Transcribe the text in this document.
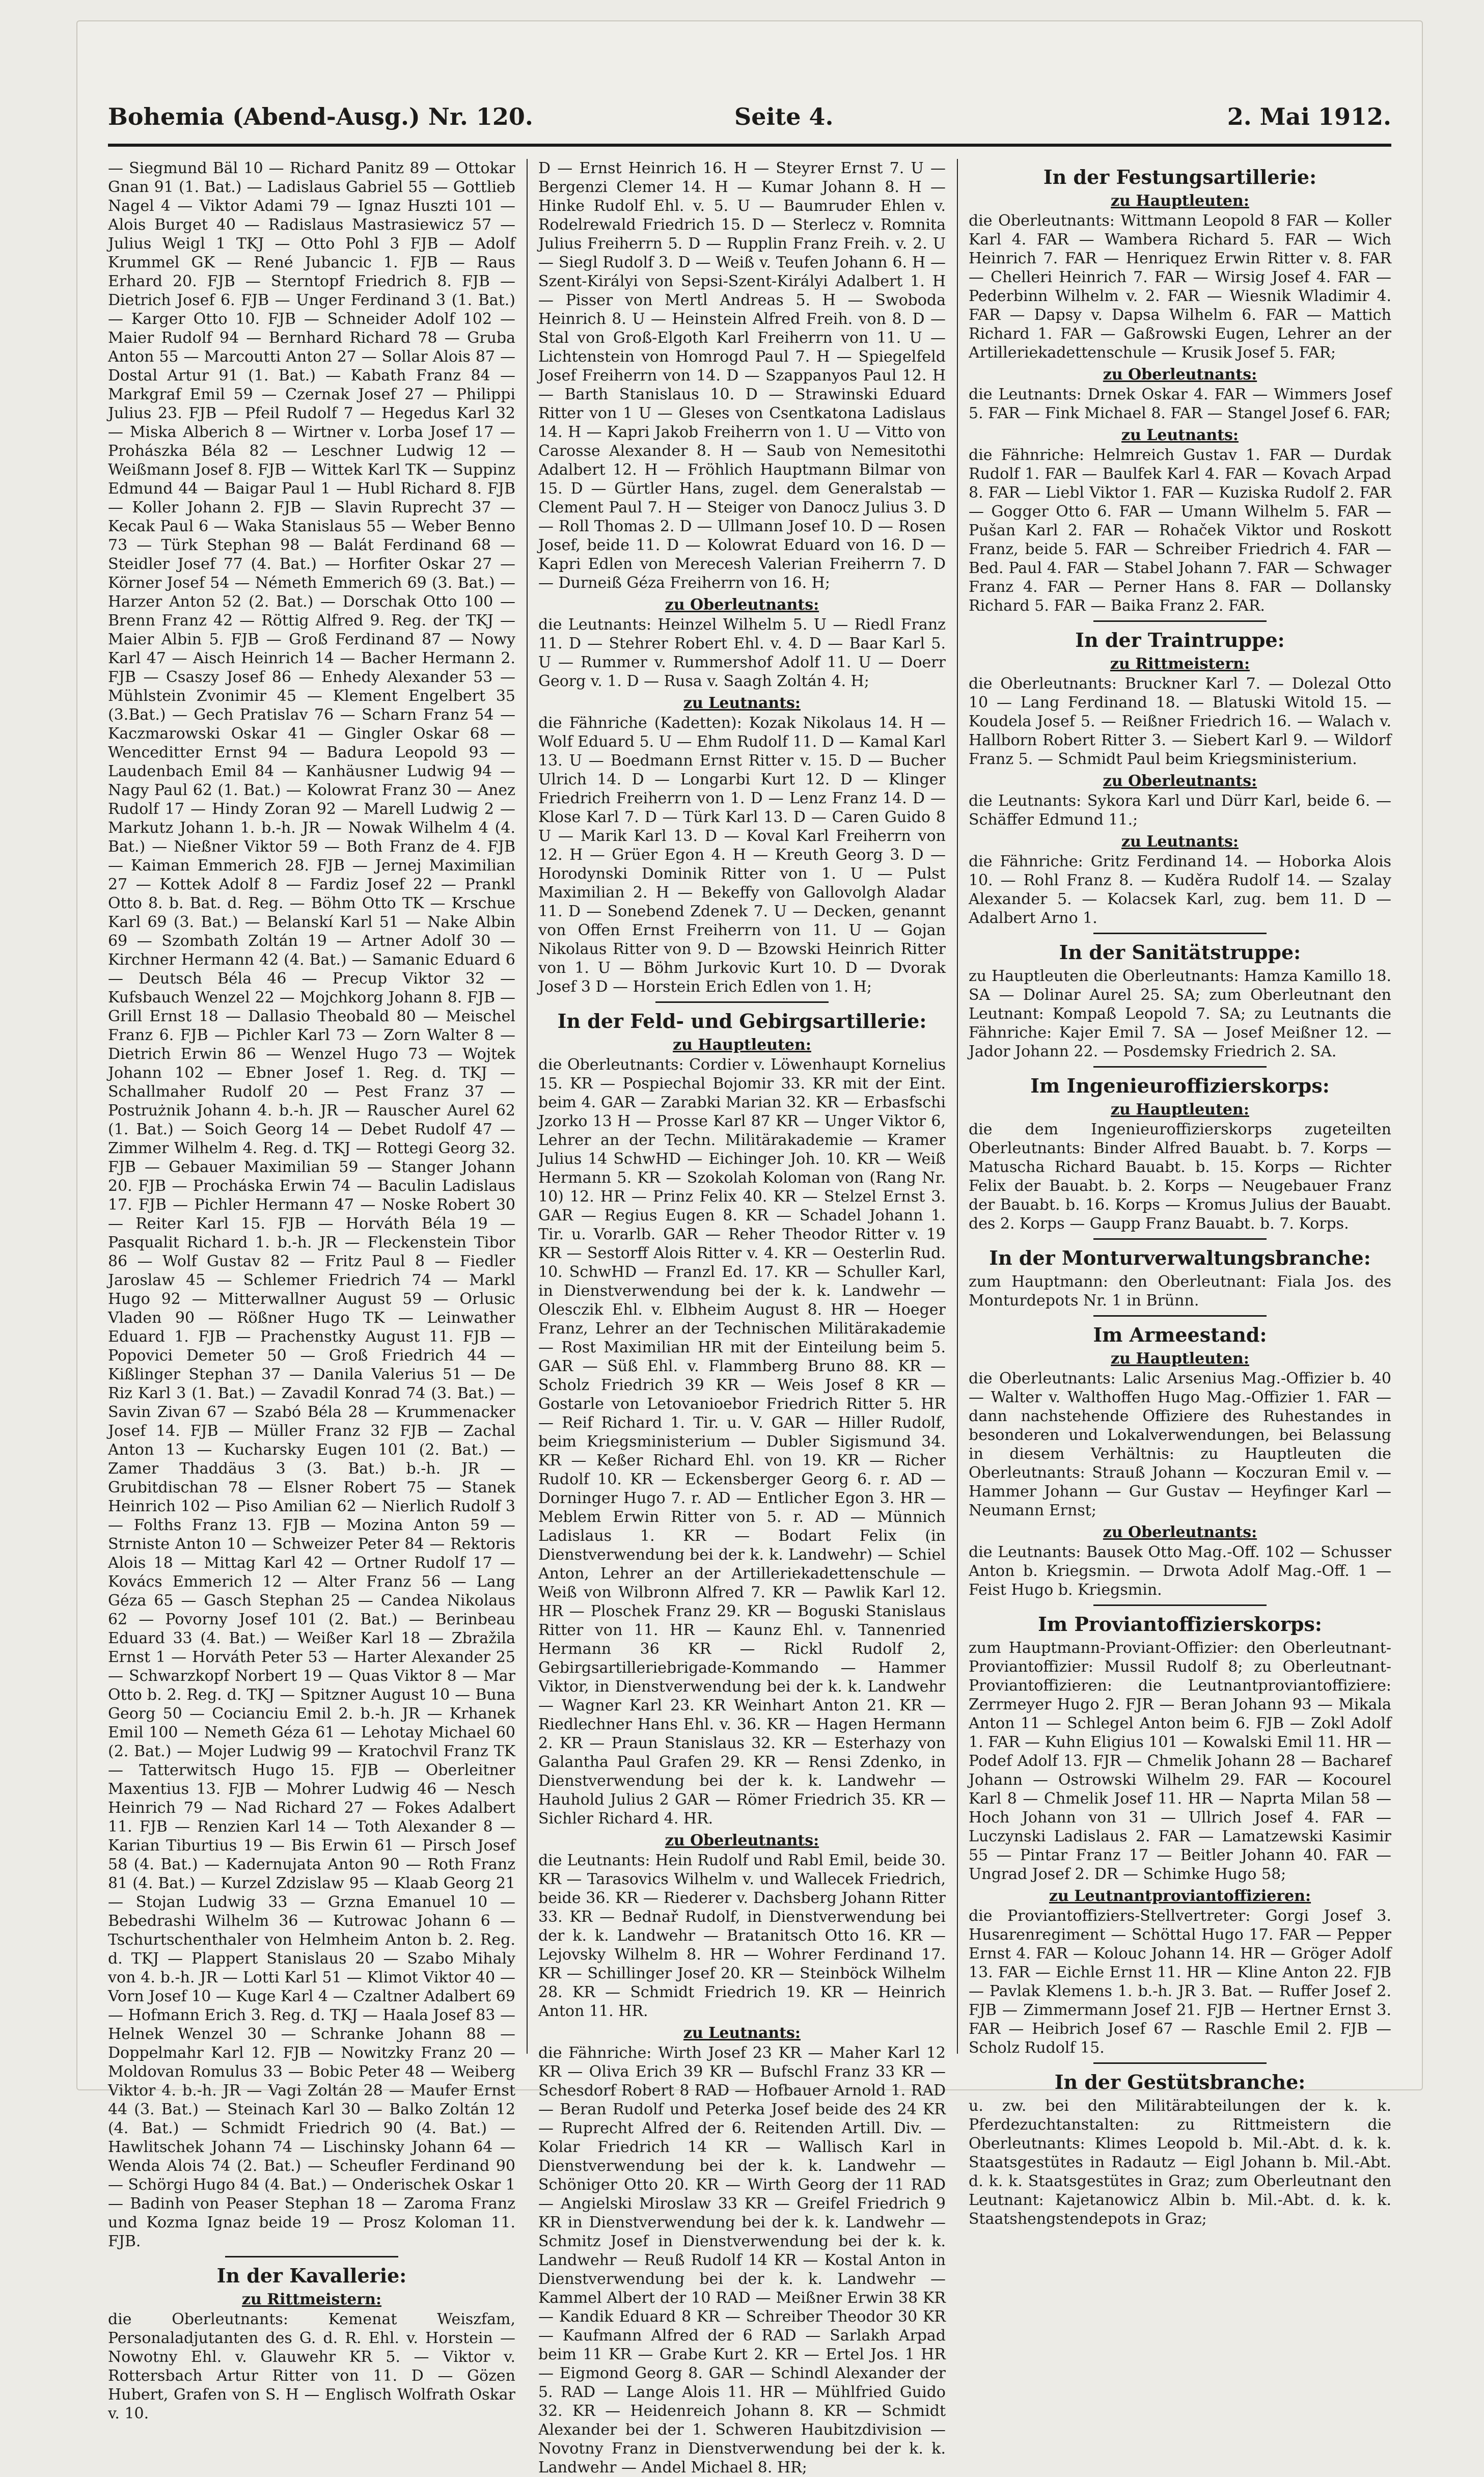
Bohemia (Abend-Ausg.) Nr. 120.	Seite 4.	2. Mai 1912.

— Siegmund Bäl 10 — Richard Panitz 89 — Ottokar Gnan 91 (1. Bat.) — Ladislaus Gabriel 55 — Gottlieb Nagel 4 — Viktor Adami 79 — Ignaz Huszti 101 — Alois Burget 40 — Radislaus Mastrasiewicz 57 — Julius Weigl 1 TKJ — Otto Pohl 3 FJB — Adolf Krummel GK — René Jubancic 1. FJB — Raus Erhard 20. FJB — Sterntopf Friedrich 8. FJB — Dietrich Josef 6. FJB — Unger Ferdinand 3 (1. Bat.) — Karger Otto 10. FJB — Schneider Adolf 102 — Maier Rudolf 94 — Bernhard Richard 78 — Gruba Anton 55 — Marcoutti Anton 27 — Sollar Alois 87 — Dostal Artur 91 (1. Bat.) — Kabath Franz 84 — Markgraf Emil 59 — Czernak Josef 27 — Philippi Julius 23. FJB — Pfeil Rudolf 7 — Hegedus Karl 32 — Miska Alberich 8 — Wirtner v. Lorba Josef 17 — Prohászka Béla 82 — Leschner Ludwig 12 — Weißmann Josef 8. FJB — Wittek Karl TK — Suppinz Edmund 44 — Baigar Paul 1 — Hubl Richard 8. FJB — Koller Johann 2. FJB — Slavin Ruprecht 37 — Kecak Paul 6 — Waka Stanislaus 55 — Weber Benno 73 — Türk Stephan 98 — Balát Ferdinand 68 — Steidler Josef 77 (4. Bat.) — Horfiter Oskar 27 — Körner Josef 54 — Németh Emmerich 69 (3. Bat.) — Harzer Anton 52 (2. Bat.) — Dorschak Otto 100 — Brenn Franz 42 — Röttig Alfred 9. Reg. der TKJ — Maier Albin 5. FJB — Groß Ferdinand 87 — Nowy Karl 47 — Aisch Heinrich 14 — Bacher Hermann 2. FJB — Csaszy Josef 86 — Enhedy Alexander 53 — Mühlstein Zvonimir 45 — Klement Engelbert 35 (3.Bat.) — Gech Pratislav 76 — Scharn Franz 54 — Kaczmarowski Oskar 41 — Gingler Oskar 68 — Wenceditter Ernst 94 — Badura Leopold 93 — Laudenbach Emil 84 — Kanhäusner Ludwig 94 — Nagy Paul 62 (1. Bat.) — Kolowrat Franz 30 — Anez Rudolf 17 — Hindy Zoran 92 — Marell Ludwig 2 — Markutz Johann 1. b.-h. JR — Nowak Wilhelm 4 (4. Bat.) — Nießner Viktor 59 — Both Franz de 4. FJB — Kaiman Emmerich 28. FJB — Jernej Maximilian 27 — Kottek Adolf 8 — Fardiz Josef 22 — Prankl Otto 8. b. Bat. d. Reg. — Böhm Otto TK — Krschue Karl 69 (3. Bat.) — Belanskí Karl 51 — Nake Albin 69 — Szombath Zoltán 19 — Artner Adolf 30 — Kirchner Hermann 42 (4. Bat.) — Samanic Eduard 6 — Deutsch Béla 46 — Precup Viktor 32 — Kufsbauch Wenzel 22 — Mojchkorg Johann 8. FJB — Grill Ernst 18 — Dallasio Theobald 80 — Meischel Franz 6. FJB — Pichler Karl 73 — Zorn Walter 8 — Dietrich Erwin 86 — Wenzel Hugo 73 — Wojtek Johann 102 — Ebner Josef 1. Reg. d. TKJ — Schallmaher Rudolf 20 — Pest Franz 37 — Postrużnik Johann 4. b.-h. JR — Rauscher Aurel 62 (1. Bat.) — Soich Georg 14 — Debet Rudolf 47 — Zimmer Wilhelm 4. Reg. d. TKJ — Rottegi Georg 32. FJB — Gebauer Maximilian 59 — Stanger Johann 20. FJB — Procháska Erwin 74 — Baculin Ladislaus 17. FJB — Pichler Hermann 47 — Noske Robert 30 — Reiter Karl 15. FJB — Horváth Béla 19 — Pasqualit Richard 1. b.-h. JR — Fleckenstein Tibor 86 — Wolf Gustav 82 — Fritz Paul 8 — Fiedler Jaroslaw 45 — Schlemer Friedrich 74 — Markl Hugo 92 — Mitterwallner August 59 — Orlusic Vladen 90 — Rößner Hugo TK — Leinwather Eduard 1. FJB — Prachenstky August 11. FJB — Popovici Demeter 50 — Groß Friedrich 44 — Kißlinger Stephan 37 — Danila Valerius 51 — De Riz Karl 3 (1. Bat.) — Zavadil Konrad 74 (3. Bat.) — Savin Zivan 67 — Szabó Béla 28 — Krummenacker Josef 14. FJB — Müller Franz 32 FJB — Zachal Anton 13 — Kucharsky Eugen 101 (2. Bat.) — Zamer Thaddäus 3 (3. Bat.) b.-h. JR — Grubitdischan 78 — Elsner Robert 75 — Stanek Heinrich 102 — Piso Amilian 62 — Nierlich Rudolf 3 — Folths Franz 13. FJB — Mozina Anton 59 — Strniste Anton 10 — Schweizer Peter 84 — Rektoris Alois 18 — Mittag Karl 42 — Ortner Rudolf 17 — Kovács Emmerich 12 — Alter Franz 56 — Lang Géza 65 — Gasch Stephan 25 — Candea Nikolaus 62 — Povorny Josef 101 (2. Bat.) — Berinbeau Eduard 33 (4. Bat.) — Weißer Karl 18 — Zbražila Ernst 1 — Horváth Peter 53 — Harter Alexander 25 — Schwarzkopf Norbert 19 — Quas Viktor 8 — Mar Otto b. 2. Reg. d. TKJ — Spitzner August 10 — Buna Georg 50 — Cocianciu Emil 2. b.-h. JR — Krhanek Emil 100 — Nemeth Géza 61 — Lehotay Michael 60 (2. Bat.) — Mojer Ludwig 99 — Kratochvil Franz TK — Tatterwitsch Hugo 15. FJB — Oberleitner Maxentius 13. FJB — Mohrer Ludwig 46 — Nesch Heinrich 79 — Nad Richard 27 — Fokes Adalbert 11. FJB — Renzien Karl 14 — Toth Alexander 8 — Karian Tiburtius 19 — Bis Erwin 61 — Pirsch Josef 58 (4. Bat.) — Kadernujata Anton 90 — Roth Franz 81 (4. Bat.) — Kurzel Zdzislaw 95 — Klaab Georg 21 — Stojan Ludwig 33 — Grzna Emanuel 10 — Bebedrashi Wilhelm 36 — Kutrowac Johann 6 — Tschurtschenthaler von Helmheim Anton b. 2. Reg. d. TKJ — Plappert Stanislaus 20 — Szabo Mihaly von 4. b.-h. JR — Lotti Karl 51 — Klimot Viktor 40 — Vorn Josef 10 — Kuge Karl 4 — Czaltner Adalbert 69 — Hofmann Erich 3. Reg. d. TKJ — Haala Josef 83 — Helnek Wenzel 30 — Schranke Johann 88 — Doppelmahr Karl 12. FJB — Nowitzky Franz 20 — Moldovan Romulus 33 — Bobic Peter 48 — Weiberg Viktor 4. b.-h. JR — Vagi Zoltán 28 — Maufer Ernst 44 (3. Bat.) — Steinach Karl 30 — Balko Zoltán 12 (4. Bat.) — Schmidt Friedrich 90 (4. Bat.) — Hawlitschek Johann 74 — Lischinsky Johann 64 — Wenda Alois 74 (2. Bat.) — Scheufler Ferdinand 90 — Schörgi Hugo 84 (4. Bat.) — Onderischek Oskar 1 — Badinh von Peaser Stephan 18 — Zaroma Franz und Kozma Ignaz beide 19 — Prosz Koloman 11. FJB.

In der Kavallerie:
zu Rittmeistern:

die Oberleutnants: Kemenat Weiszfam, Personaladjutanten des G. d. R. Ehl. v. Horstein — Nowotny Ehl. v. Glauwehr KR 5. — Viktor v. Rottersbach Artur Ritter von 11. D — Gözen Hubert, Grafen von S. H — Englisch Wolfrath Oskar v. 10.

D — Ernst Heinrich 16. H — Steyrer Ernst 7. U — Bergenzi Clemer 14. H — Kumar Johann 8. H — Hinke Rudolf Ehl. v. 5. U — Baumruder Ehlen v. Rodelrewald Friedrich 15. D — Sterlecz v. Romnita Julius Freiherrn 5. D — Rupplin Franz Freih. v. 2. U — Siegl Rudolf 3. D — Weiß v. Teufen Johann 6. H — Szent-Királyi von Sepsi-Szent-Királyi Adalbert 1. H — Pisser von Mertl Andreas 5. H — Swoboda Heinrich 8. U — Heinstein Alfred Freih. von 8. D — Stal von Groß-Elgoth Karl Freiherrn von 11. U — Lichtenstein von Homrogd Paul 7. H — Spiegelfeld Josef Freiherrn von 14. D — Szappanyos Paul 12. H — Barth Stanislaus 10. D — Strawinski Eduard Ritter von 1 U — Gleses von Csentkatona Ladislaus 14. H — Kapri Jakob Freiherrn von 1. U — Vitto von Carosse Alexander 8. H — Saub von Nemesitothi Adalbert 12. H — Fröhlich Hauptmann Bilmar von 15. D — Gürtler Hans, zugel. dem Generalstab — Clement Paul 7. H — Steiger von Danocz Julius 3. D — Roll Thomas 2. D — Ullmann Josef 10. D — Rosen Josef, beide 11. D — Kolowrat Eduard von 16. D — Kapri Edlen von Merecesh Valerian Freiherrn 7. D — Durneiß Géza Freiherrn von 16. H;

zu Oberleutnants:

die Leutnants: Heinzel Wilhelm 5. U — Riedl Franz 11. D — Stehrer Robert Ehl. v. 4. D — Baar Karl 5. U — Rummer v. Rummershof Adolf 11. U — Doerr Georg v. 1. D — Rusa v. Saagh Zoltán 4. H;

zu Leutnants:

die Fähnriche (Kadetten): Kozak Nikolaus 14. H — Wolf Eduard 5. U — Ehm Rudolf 11. D — Kamal Karl 13. U — Boedmann Ernst Ritter v. 15. D — Bucher Ulrich 14. D — Longarbi Kurt 12. D — Klinger Friedrich Freiherrn von 1. D — Lenz Franz 14. D — Klose Karl 7. D — Türk Karl 13. D — Caren Guido 8 U — Marik Karl 13. D — Koval Karl Freiherrn von 12. H — Grüer Egon 4. H — Kreuth Georg 3. D — Horodynski Dominik Ritter von 1. U — Pulst Maximilian 2. H — Bekeffy von Gallovolgh Aladar 11. D — Sonebend Zdenek 7. U — Decken, genannt von Offen Ernst Freiherrn von 11. U — Gojan Nikolaus Ritter von 9. D — Bzowski Heinrich Ritter von 1. U — Böhm Jurkovic Kurt 10. D — Dvorak Josef 3 D — Horstein Erich Edlen von 1. H;

In der Feld- und Gebirgsartillerie:
zu Hauptleuten:

die Oberleutnants: Cordier v. Löwenhaupt Kornelius 15. KR — Pospiechal Bojomir 33. KR mit der Eint. beim 4. GAR — Zarabki Marian 32. KR — Erbasfschi Jzorko 13 H — Prosse Karl 87 KR — Unger Viktor 6, Lehrer an der Techn. Militärakademie — Kramer Julius 14 SchwHD — Eichinger Joh. 10. KR — Weiß Hermann 5. KR — Szokolah Koloman von (Rang Nr. 10) 12. HR — Prinz Felix 40. KR — Stelzel Ernst 3. GAR — Regius Eugen 8. KR — Schadel Johann 1. Tir. u. Vorarlb. GAR — Reher Theodor Ritter v. 19 KR — Sestorff Alois Ritter v. 4. KR — Oesterlin Rud. 10. SchwHD — Franzl Ed. 17. KR — Schuller Karl, in Dienstverwendung bei der k. k. Landwehr — Olesczik Ehl. v. Elbheim August 8. HR — Hoeger Franz, Lehrer an der Technischen Militärakademie — Rost Maximilian HR mit der Einteilung beim 5. GAR — Süß Ehl. v. Flammberg Bruno 88. KR — Scholz Friedrich 39 KR — Weis Josef 8 KR — Gostarle von Letovanioebor Friedrich Ritter 5. HR — Reif Richard 1. Tir. u. V. GAR — Hiller Rudolf, beim Kriegsministerium — Dubler Sigismund 34. KR — Keßer Richard Ehl. von 19. KR — Richer Rudolf 10. KR — Eckensberger Georg 6. r. AD — Dorninger Hugo 7. r. AD — Entlicher Egon 3. HR — Meblem Erwin Ritter von 5. r. AD — Münnich Ladislaus 1. KR — Bodart Felix (in Dienstverwendung bei der k. k. Landwehr) — Schiel Anton, Lehrer an der Artilleriekadettenschule — Weiß von Wilbronn Alfred 7. KR — Pawlik Karl 12. HR — Ploschek Franz 29. KR — Boguski Stanislaus Ritter von 11. HR — Kaunz Ehl. v. Tannenried Hermann 36 KR — Rickl Rudolf 2, Gebirgsartilleriebrigade-Kommando — Hammer Viktor, in Dienstverwendung bei der k. k. Landwehr — Wagner Karl 23. KR Weinhart Anton 21. KR — Riedlechner Hans Ehl. v. 36. KR — Hagen Hermann 2. KR — Praun Stanislaus 32. KR — Esterhazy von Galantha Paul Grafen 29. KR — Rensi Zdenko, in Dienstverwendung bei der k. k. Landwehr — Hauhold Julius 2 GAR — Römer Friedrich 35. KR — Sichler Richard 4. HR.

zu Oberleutnants:

die Leutnants: Hein Rudolf und Rabl Emil, beide 30. KR — Tarasovics Wilhelm v. und Wallecek Friedrich, beide 36. KR — Riederer v. Dachsberg Johann Ritter 33. KR — Bednař Rudolf, in Dienstverwendung bei der k. k. Landwehr — Bratanitsch Otto 16. KR — Lejovsky Wilhelm 8. HR — Wohrer Ferdinand 17. KR — Schillinger Josef 20. KR — Steinböck Wilhelm 28. KR — Schmidt Friedrich 19. KR — Heinrich Anton 11. HR.

zu Leutnants:

die Fähnriche: Wirth Josef 23 KR — Maher Karl 12 KR — Oliva Erich 39 KR — Bufschl Franz 33 KR — Schesdorf Robert 8 RAD — Hofbauer Arnold 1. RAD — Beran Rudolf und Peterka Josef beide des 24 KR — Ruprecht Alfred der 6. Reitenden Artill. Div. — Kolar Friedrich 14 KR — Wallisch Karl in Dienstverwendung bei der k. k. Landwehr — Schöniger Otto 20. KR — Wirth Georg der 11 RAD — Angielski Miroslaw 33 KR — Greifel Friedrich 9 KR in Dienstverwendung bei der k. k. Landwehr — Schmitz Josef in Dienstverwendung bei der k. k. Landwehr — Reuß Rudolf 14 KR — Kostal Anton in Dienstverwendung bei der k. k. Landwehr — Kammel Albert der 10 RAD — Meißner Erwin 38 KR — Kandik Eduard 8 KR — Schreiber Theodor 30 KR — Kaufmann Alfred der 6 RAD — Sarlakh Arpad beim 11 KR — Grabe Kurt 2. KR — Ertel Jos. 1 HR — Eigmond Georg 8. GAR — Schindl Alexander der 5. RAD — Lange Alois 11. HR — Mühlfried Guido 32. KR — Heidenreich Johann 8. KR — Schmidt Alexander bei der 1. Schweren Haubitzdivision — Novotny Franz in Dienstverwendung bei der k. k. Landwehr — Andel Michael 8. HR;

In der Festungsartillerie:
zu Hauptleuten:

die Oberleutnants: Wittmann Leopold 8 FAR — Koller Karl 4. FAR — Wambera Richard 5. FAR — Wich Heinrich 7. FAR — Henriquez Erwin Ritter v. 8. FAR — Chelleri Heinrich 7. FAR — Wirsig Josef 4. FAR — Pederbinn Wilhelm v. 2. FAR — Wiesnik Wladimir 4. FAR — Dapsy v. Dapsa Wilhelm 6. FAR — Mattich Richard 1. FAR — Gaßrowski Eugen, Lehrer an der Artilleriekadettenschule — Krusik Josef 5. FAR;

zu Oberleutnants:

die Leutnants: Drnek Oskar 4. FAR — Wimmers Josef 5. FAR — Fink Michael 8. FAR — Stangel Josef 6. FAR;

zu Leutnants:

die Fähnriche: Helmreich Gustav 1. FAR — Durdak Rudolf 1. FAR — Baulfek Karl 4. FAR — Kovach Arpad 8. FAR — Liebl Viktor 1. FAR — Kuziska Rudolf 2. FAR — Gogger Otto 6. FAR — Umann Wilhelm 5. FAR — Pušan Karl 2. FAR — Rohaček Viktor und Roskott Franz, beide 5. FAR — Schreiber Friedrich 4. FAR — Bed. Paul 4. FAR — Stabel Johann 7. FAR — Schwager Franz 4. FAR — Perner Hans 8. FAR — Dollansky Richard 5. FAR — Baika Franz 2. FAR.

In der Traintruppe:
zu Rittmeistern:

die Oberleutnants: Bruckner Karl 7. — Dolezal Otto 10 — Lang Ferdinand 18. — Blatuski Witold 15. — Koudela Josef 5. — Reißner Friedrich 16. — Walach v. Hallborn Robert Ritter 3. — Siebert Karl 9. — Wildorf Franz 5. — Schmidt Paul beim Kriegsministerium.

zu Oberleutnants:

die Leutnants: Sykora Karl und Dürr Karl, beide 6. — Schäffer Edmund 11.;

zu Leutnants:

die Fähnriche: Gritz Ferdinand 14. — Hoborka Alois 10. — Rohl Franz 8. — Kuděra Rudolf 14. — Szalay Alexander 5. — Kolacsek Karl, zug. bem 11. D — Adalbert Arno 1.

In der Sanitätstruppe:

zu Hauptleuten die Oberleutnants: Hamza Kamillo 18. SA — Dolinar Aurel 25. SA; zum Oberleutnant den Leutnant: Kompaß Leopold 7. SA; zu Leutnants die Fähnriche: Kajer Emil 7. SA — Josef Meißner 12. — Jador Johann 22. — Posdemsky Friedrich 2. SA.

Im Ingenieuroffizierskorps:
zu Hauptleuten:

die dem Ingenieuroffizierskorps zugeteilten Oberleutnants: Binder Alfred Bauabt. b. 7. Korps — Matuscha Richard Bauabt. b. 15. Korps — Richter Felix der Bauabt. b. 2. Korps — Neugebauer Franz der Bauabt. b. 16. Korps — Kromus Julius der Bauabt. des 2. Korps — Gaupp Franz Bauabt. b. 7. Korps.

In der Monturverwaltungsbranche:

zum Hauptmann: den Oberleutnant: Fiala Jos. des Monturdepots Nr. 1 in Brünn.

Im Armeestand:
zu Hauptleuten:

die Oberleutnants: Lalic Arsenius Mag.-Offizier b. 40 — Walter v. Walthoffen Hugo Mag.-Offizier 1. FAR — dann nachstehende Offiziere des Ruhestandes in besonderen und Lokalverwendungen, bei Belassung in diesem Verhältnis: zu Hauptleuten die Oberleutnants: Strauß Johann — Koczuran Emil v. — Hammer Johann — Gur Gustav — Heyfinger Karl — Neumann Ernst;

zu Oberleutnants:

die Leutnants: Bausek Otto Mag.-Off. 102 — Schusser Anton b. Kriegsmin. — Drwota Adolf Mag.-Off. 1 — Feist Hugo b. Kriegsmin.

Im Proviantoffizierskorps:

zum Hauptmann-Proviant-Offizier: den Oberleutnant-Proviantoffizier: Mussil Rudolf 8; zu Oberleutnant-Proviantoffizieren: die Leutnantproviantoffiziere: Zerrmeyer Hugo 2. FJR — Beran Johann 93 — Mikala Anton 11 — Schlegel Anton beim 6. FJB — Zokl Adolf 1. FAR — Kuhn Eligius 101 — Kowalski Emil 11. HR — Podef Adolf 13. FJR — Chmelik Johann 28 — Bacharef Johann — Ostrowski Wilhelm 29. FAR — Kocourel Karl 8 — Chmelik Josef 11. HR — Naprta Milan 58 — Hoch Johann von 31 — Ullrich Josef 4. FAR — Luczynski Ladislaus 2. FAR — Lamatzewski Kasimir 55 — Pintar Franz 17 — Beitler Johann 40. FAR — Ungrad Josef 2. DR — Schimke Hugo 58;

zu Leutnantproviantoffizieren:

die Proviantoffiziers-Stellvertreter: Gorgi Josef 3. Husarenregiment — Schöttal Hugo 17. FAR — Pepper Ernst 4. FAR — Kolouc Johann 14. HR — Gröger Adolf 13. FAR — Eichle Ernst 11. HR — Kline Anton 22. FJB — Pavlak Klemens 1. b.-h. JR 3. Bat. — Ruffer Josef 2. FJB — Zimmermann Josef 21. FJB — Hertner Ernst 3. FAR — Heibrich Josef 67 — Raschle Emil 2. FJB — Scholz Rudolf 15.

In der Gestütsbranche:

u. zw. bei den Militärabteilungen der k. k. Pferdezuchtanstalten: zu Rittmeistern die Oberleutnants: Klimes Leopold b. Mil.-Abt. d. k. k. Staatsgestütes in Radautz — Eigl Johann b. Mil.-Abt. d. k. k. Staatsgestütes in Graz; zum Oberleutnant den Leutnant: Kajetanowicz Albin b. Mil.-Abt. d. k. k. Staatshengstendepots in Graz;
